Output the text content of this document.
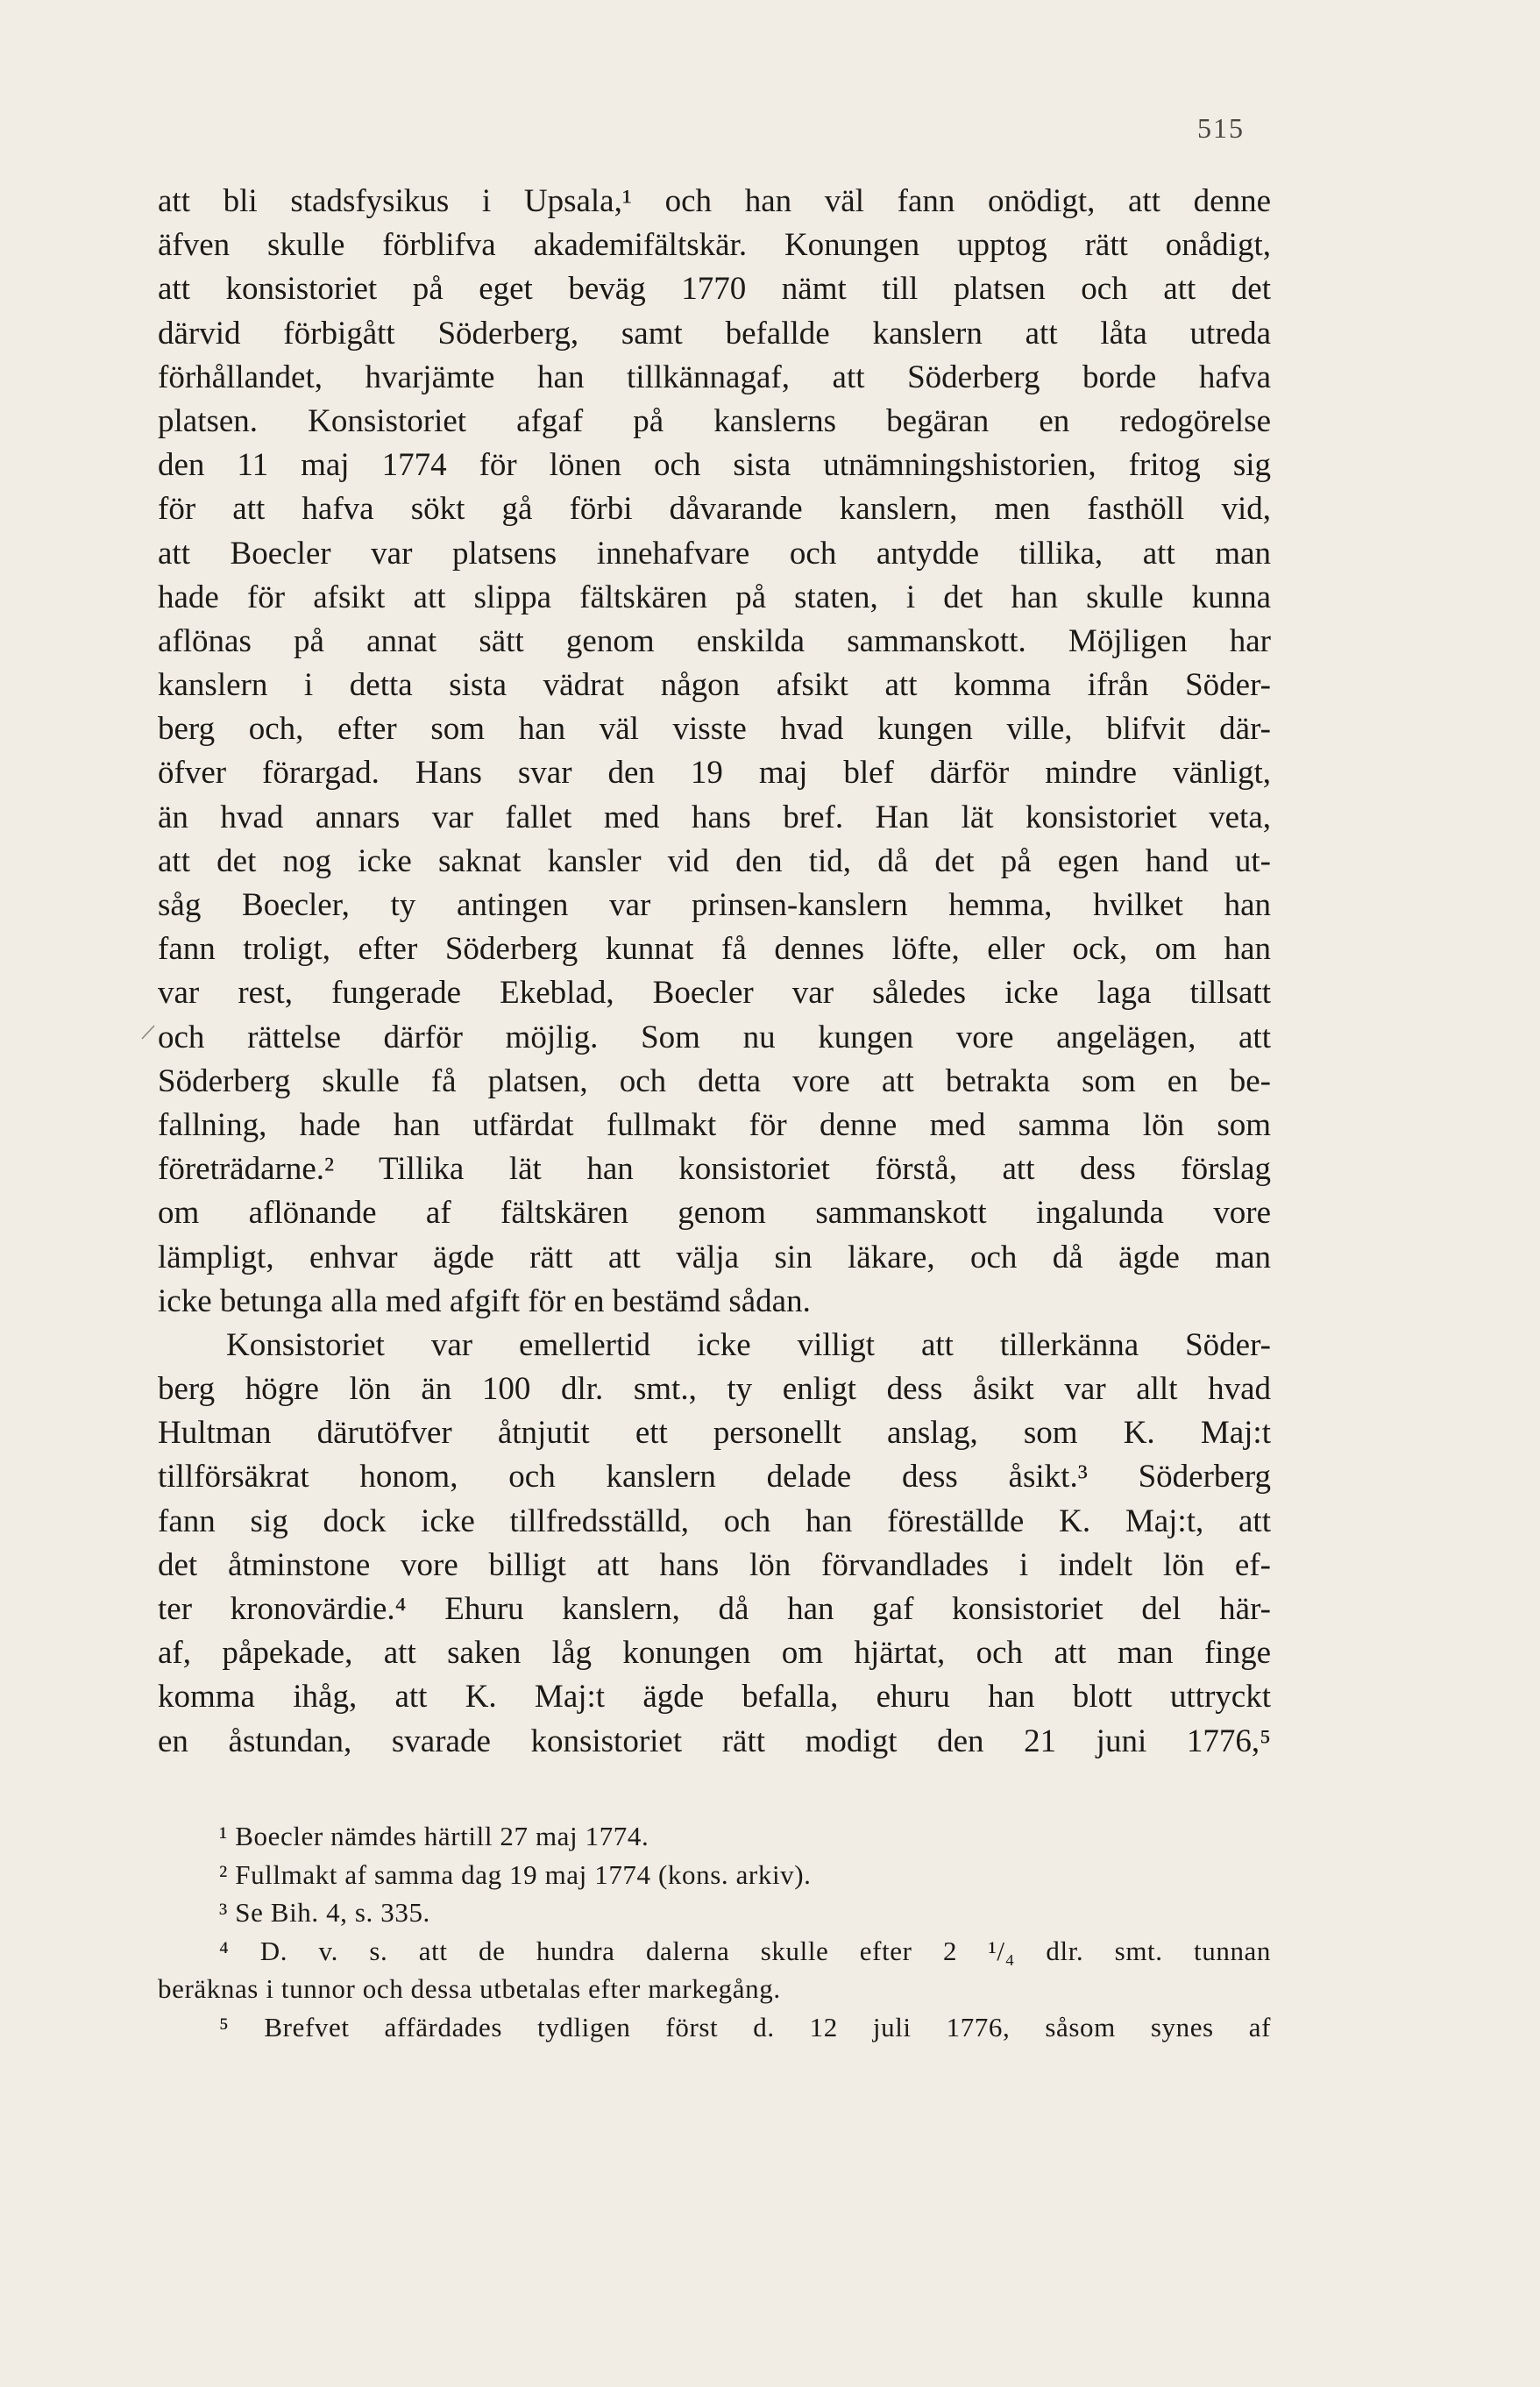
515
att bli stadsfysikus i Upsala,¹ och han väl fann onödigt, att denne
äfven skulle förblifva akademifältskär. Konungen upptog rätt onådigt,
att konsistoriet på eget beväg 1770 nämt till platsen och att det
därvid förbigått Söderberg, samt befallde kanslern att låta utreda
förhållandet, hvarjämte han tillkännagaf, att Söderberg borde hafva
platsen. Konsistoriet afgaf på kanslerns begäran en redogörelse
den 11 maj 1774 för lönen och sista utnämningshistorien, fritog sig
för att hafva sökt gå förbi dåvarande kanslern, men fasthöll vid,
att Boecler var platsens innehafvare och antydde tillika, att man
hade för afsikt att slippa fältskären på staten, i det han skulle kunna
aflönas på annat sätt genom enskilda sammanskott. Möjligen har
kanslern i detta sista vädrat någon afsikt att komma ifrån Söder-
berg och, efter som han väl visste hvad kungen ville, blifvit där-
öfver förargad. Hans svar den 19 maj blef därför mindre vänligt,
än hvad annars var fallet med hans bref. Han lät konsistoriet veta,
att det nog icke saknat kansler vid den tid, då det på egen hand ut-
såg Boecler, ty antingen var prinsen-kanslern hemma, hvilket han
fann troligt, efter Söderberg kunnat få dennes löfte, eller ock, om han
var rest, fungerade Ekeblad, Boecler var således icke laga tillsatt
och rättelse därför möjlig. Som nu kungen vore angelägen, att
Söderberg skulle få platsen, och detta vore att betrakta som en be-
fallning, hade han utfärdat fullmakt för denne med samma lön som
företrädarne.² Tillika lät han konsistoriet förstå, att dess förslag
om aflönande af fältskären genom sammanskott ingalunda vore
lämpligt, enhvar ägde rätt att välja sin läkare, och då ägde man
icke betunga alla med afgift för en bestämd sådan.
Konsistoriet var emellertid icke villigt att tillerkänna Söder-
berg högre lön än 100 dlr. smt., ty enligt dess åsikt var allt hvad
Hultman därutöfver åtnjutit ett personellt anslag, som K. Maj:t
tillförsäkrat honom, och kanslern delade dess åsikt.³ Söderberg
fann sig dock icke tillfredsställd, och han föreställde K. Maj:t, att
det åtminstone vore billigt att hans lön förvandlades i indelt lön ef-
ter kronovärdie.⁴ Ehuru kanslern, då han gaf konsistoriet del här-
af, påpekade, att saken låg konungen om hjärtat, och att man finge
komma ihåg, att K. Maj:t ägde befalla, ehuru han blott uttryckt
en åstundan, svarade konsistoriet rätt modigt den 21 juni 1776,⁵
¹ Boecler nämdes härtill 27 maj 1774.
² Fullmakt af samma dag 19 maj 1774 (kons. arkiv).
³ Se Bih. 4, s. 335.
⁴ D. v. s. att de hundra dalerna skulle efter 2 ¹/₄ dlr. smt. tunnan
beräknas i tunnor och dessa utbetalas efter markegång.
⁵ Brefvet affärdades tydligen först d. 12 juli 1776, såsom synes af
